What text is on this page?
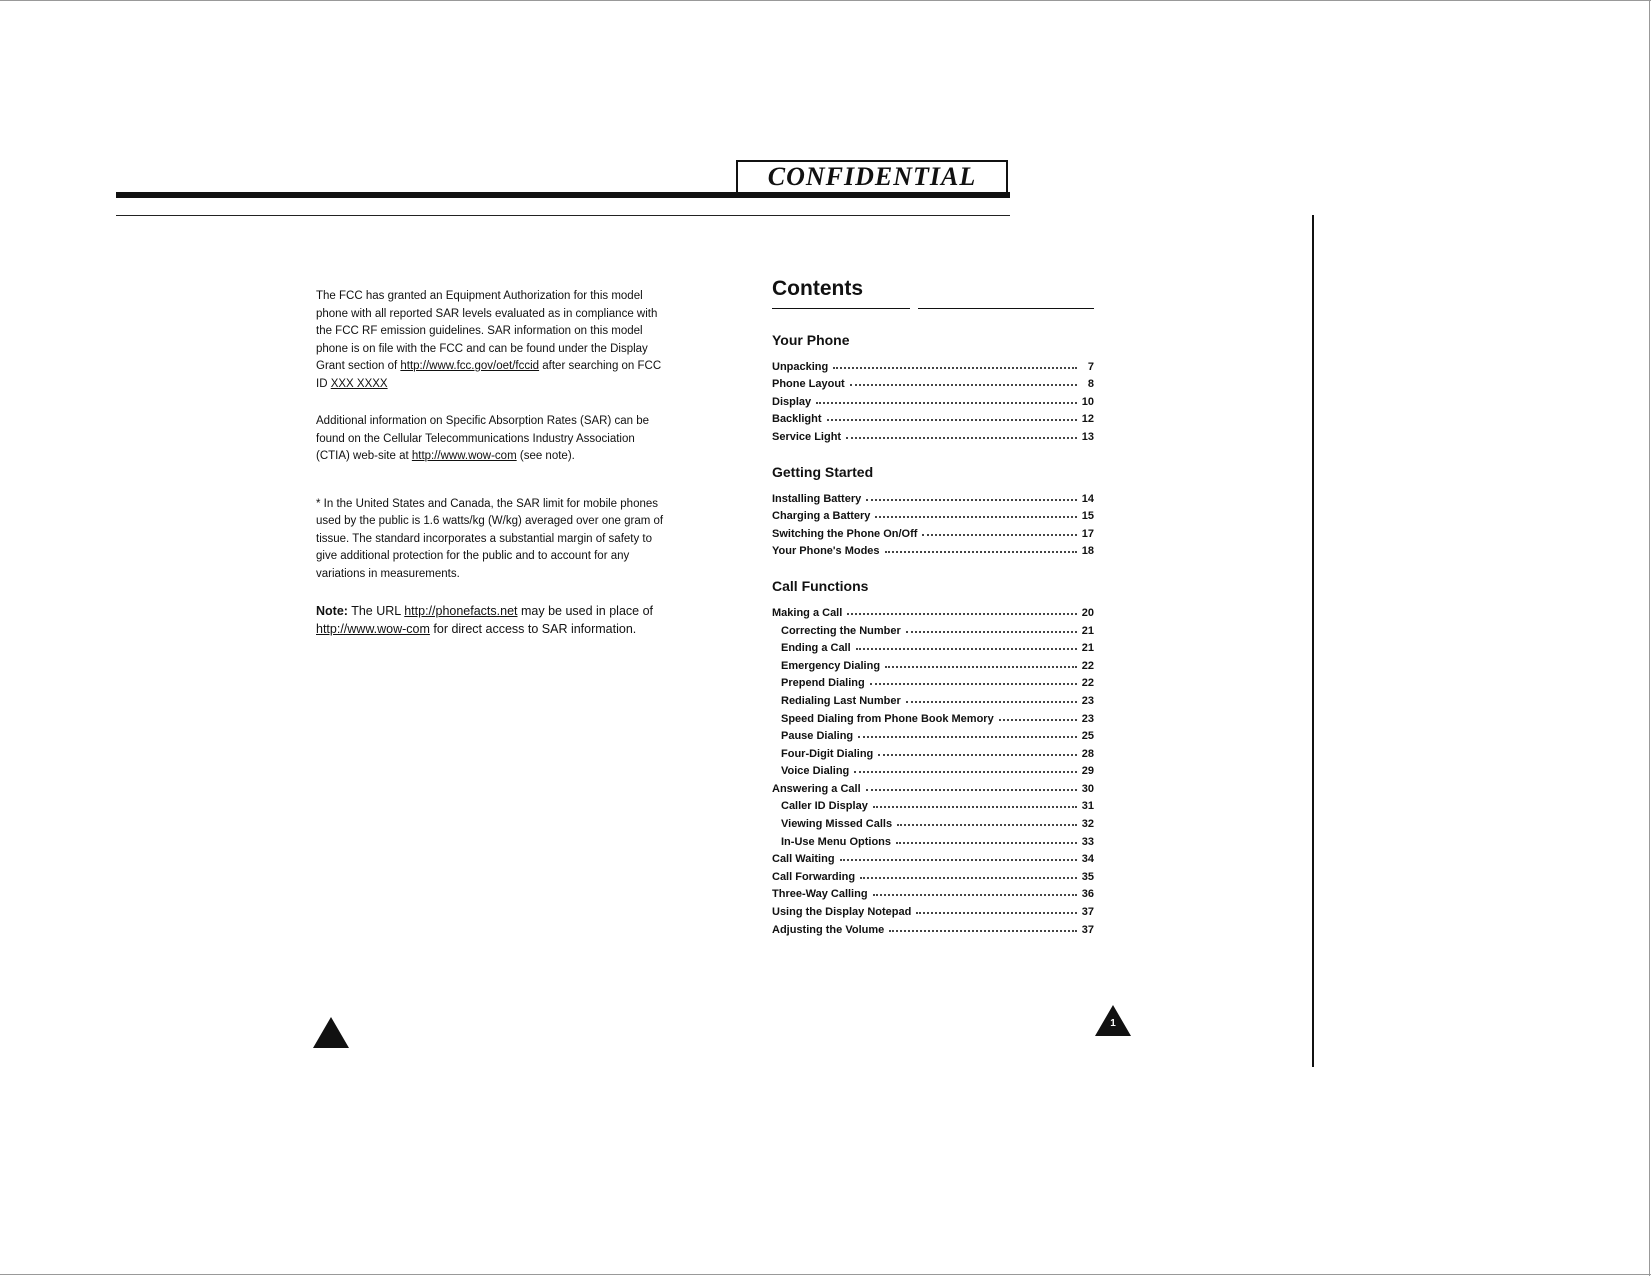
CONFIDENTIAL

The FCC has granted an Equipment Authorization for this model phone with all reported SAR levels evaluated as in compliance with the FCC RF emission guidelines. SAR information on this model phone is on file with the FCC and can be found under the Display Grant section of http://www.fcc.gov/oet/fccid after searching on FCC ID XXX XXXX

Additional information on Specific Absorption Rates (SAR) can be found on the Cellular Telecommunications Industry Association (CTIA) web-site at http://www.wow-com (see note).

* In the United States and Canada, the SAR limit for mobile phones used by the public is 1.6 watts/kg (W/kg) averaged over one gram of tissue. The standard incorporates a substantial margin of safety to give additional protection for the public and to account for any variations in measurements.

Note: The URL http://phonefacts.net may be used in place of http://www.wow-com for direct access to SAR information.

Contents
Your Phone
Unpacking	7
Phone Layout	8
Display	10
Backlight	12
Service Light	13
Getting Started
Installing Battery	14
Charging a Battery	15
Switching the Phone On/Off	17
Your Phone's Modes	18
Call Functions
Making a Call	20
Correcting the Number	21
Ending a Call	21
Emergency Dialing	22
Prepend Dialing	22
Redialing Last Number	23
Speed Dialing from Phone Book Memory	23
Pause Dialing	25
Four-Digit Dialing	28
Voice Dialing	29
Answering a Call	30
Caller ID Display	31
Viewing Missed Calls	32
In-Use Menu Options	33
Call Waiting	34
Call Forwarding	35
Three-Way Calling	36
Using the Display Notepad	37
Adjusting the Volume	37
1
